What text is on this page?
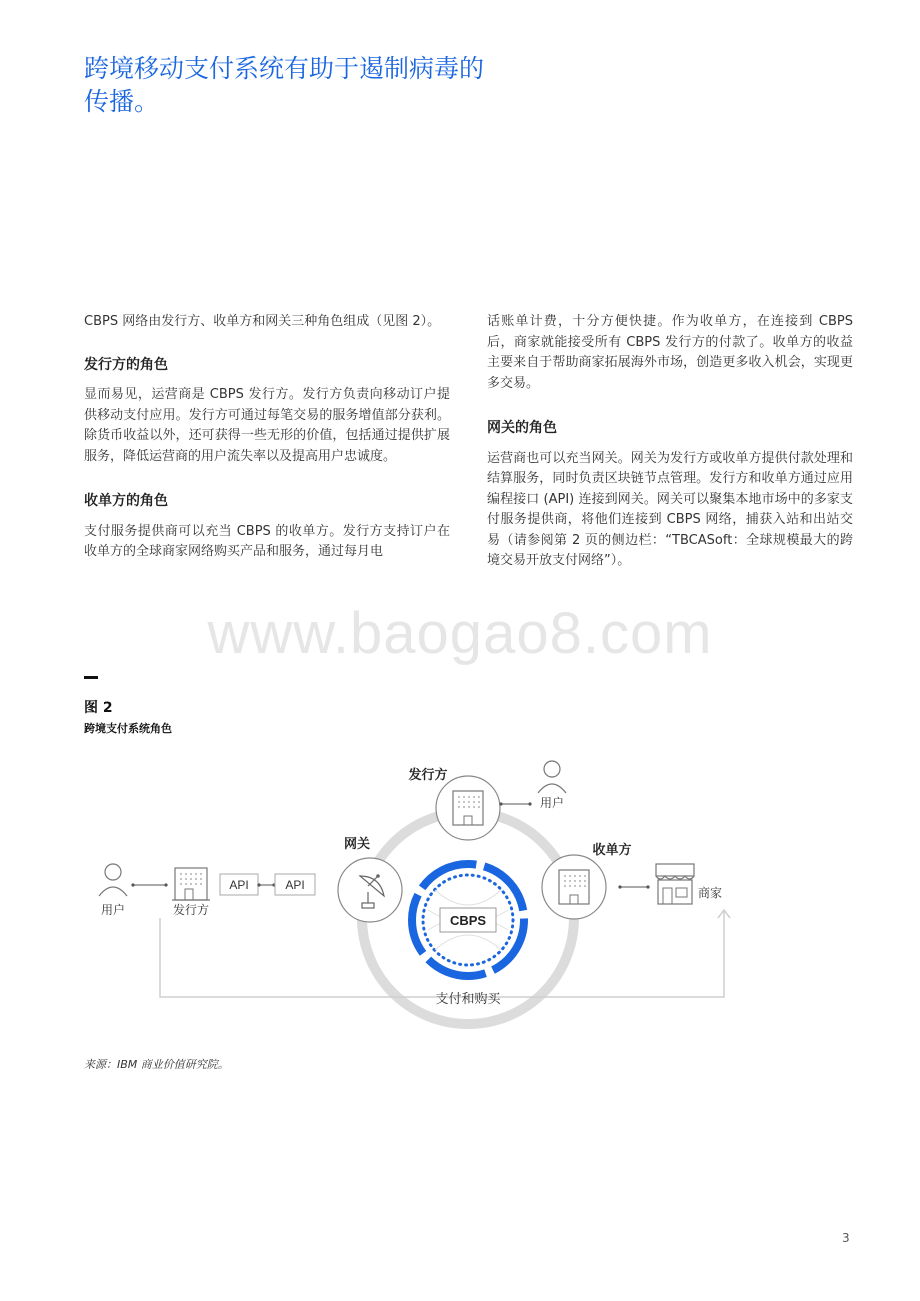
跨境移动支付系统有助于遏制病毒的传播。

CBPS 网络由发行方、收单方和网关三种角色组成（见图 2）。

发行方的角色

显而易见，运营商是 CBPS 发行方。发行方负责向移动订户提供移动支付应用。发行方可通过每笔交易的服务增值部分获利。除货币收益以外，还可获得一些无形的价值，包括通过提供扩展服务，降低运营商的用户流失率以及提高用户忠诚度。

收单方的角色

支付服务提供商可以充当 CBPS 的收单方。发行方支持订户在收单方的全球商家网络购买产品和服务，通过每月电

话账单计费，十分方便快捷。作为收单方，在连接到 CBPS 后，商家就能接受所有 CBPS 发行方的付款了。收单方的收益主要来自于帮助商家拓展海外市场，创造更多收入机会，实现更多交易。

网关的角色

运营商也可以充当网关。网关为发行方或收单方提供付款处理和结算服务，同时负责区块链节点管理。发行方和收单方通过应用编程接口 (API) 连接到网关。网关可以聚集本地市场中的多家支付服务提供商，将他们连接到 CBPS 网络，捕获入站和出站交易（请参阅第 2 页的侧边栏：“TBCASoft：全球规模最大的跨境交易开放支付网络”）。

www.baogao8.com
图 2
跨境支付系统角色
CBPS
支付和购买
用户	发行方
API	API
网关
发行方
用户
收单方
商家
来源：IBM 商业价值研究院。
3
